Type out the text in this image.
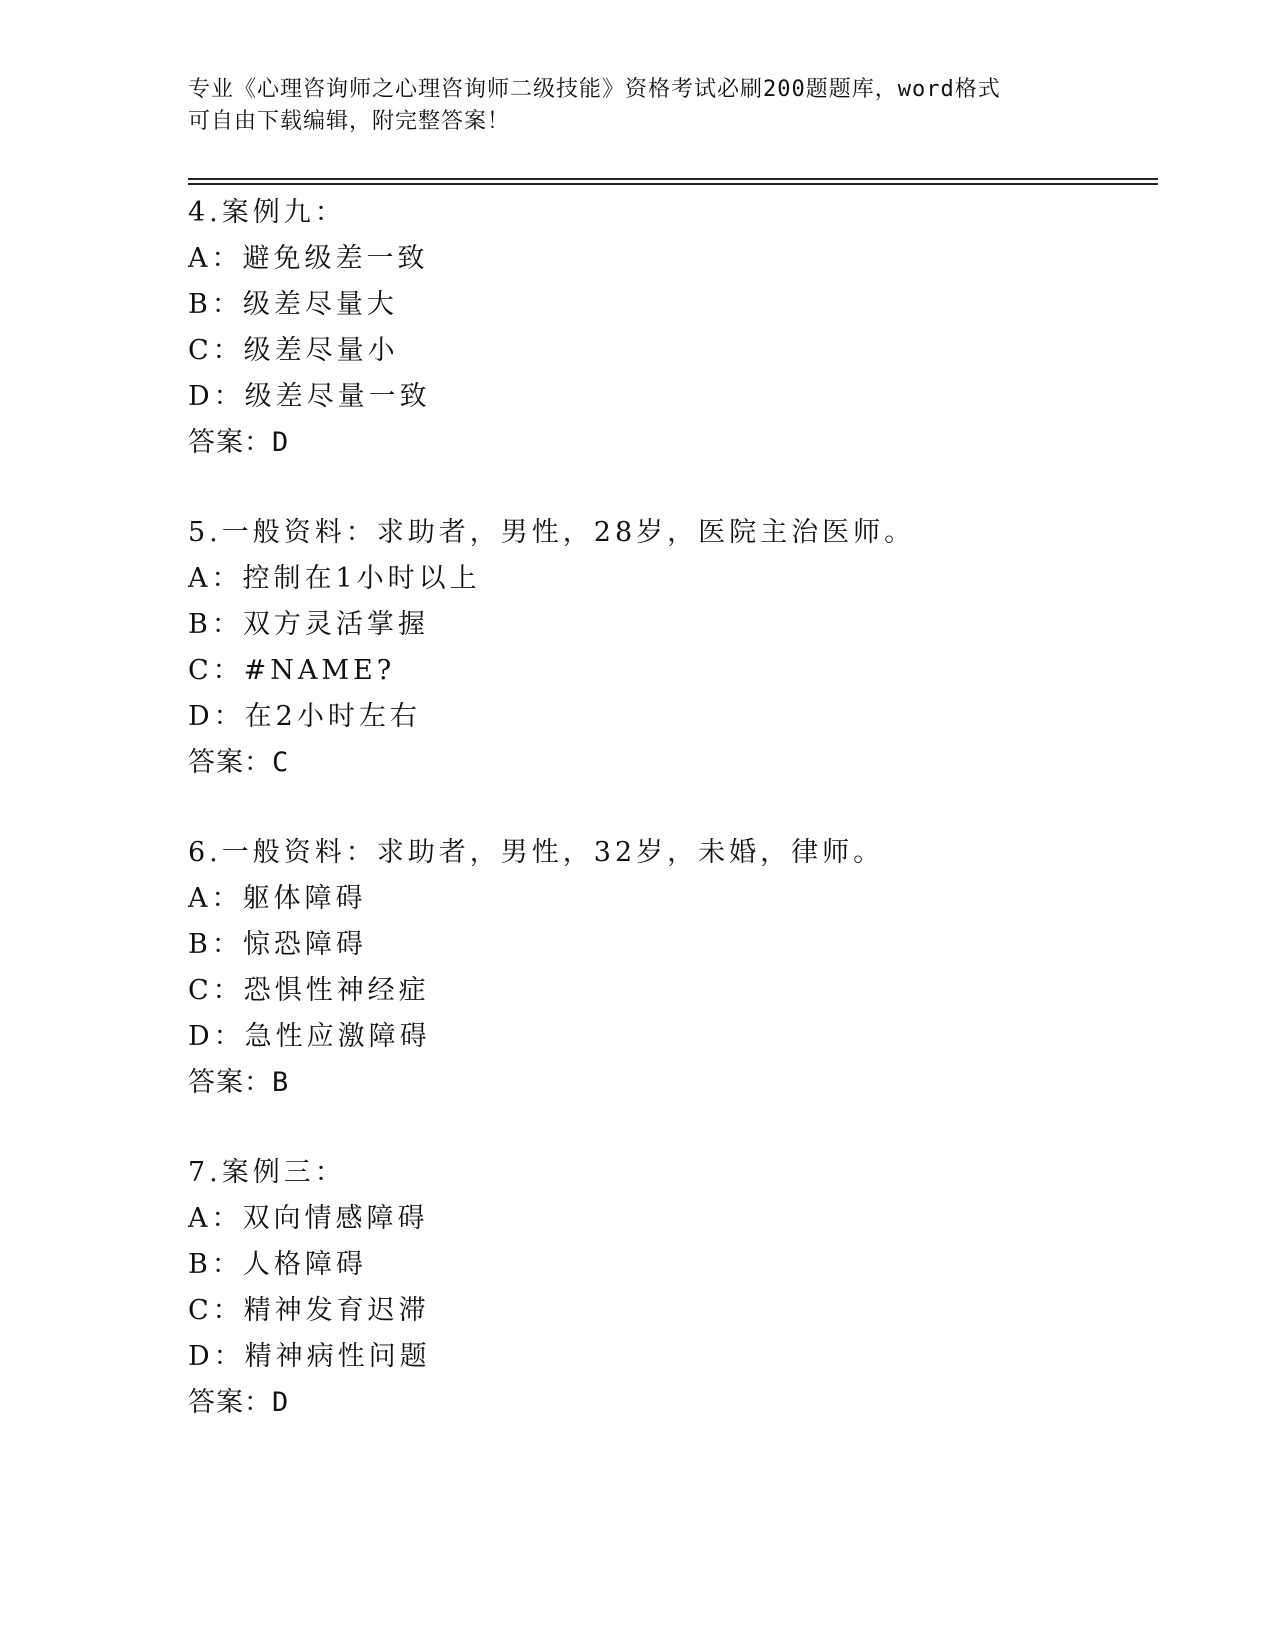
专业《心理咨询师之心理咨询师二级技能》资格考试必刷200题题库，word格式
可自由下载编辑，附完整答案！
4.案例九：
A：避免级差一致
B：级差尽量大
C：级差尽量小
D：级差尽量一致
答案：D
5.一般资料：求助者，男性，28岁，医院主治医师。
A：控制在1小时以上
B：双方灵活掌握
C：#NAME?
D：在2小时左右
答案：C
6.一般资料：求助者，男性，32岁，未婚，律师。
A：躯体障碍
B：惊恐障碍
C：恐惧性神经症
D：急性应激障碍
答案：B
7.案例三：
A：双向情感障碍
B：人格障碍
C：精神发育迟滞
D：精神病性问题
答案：D
